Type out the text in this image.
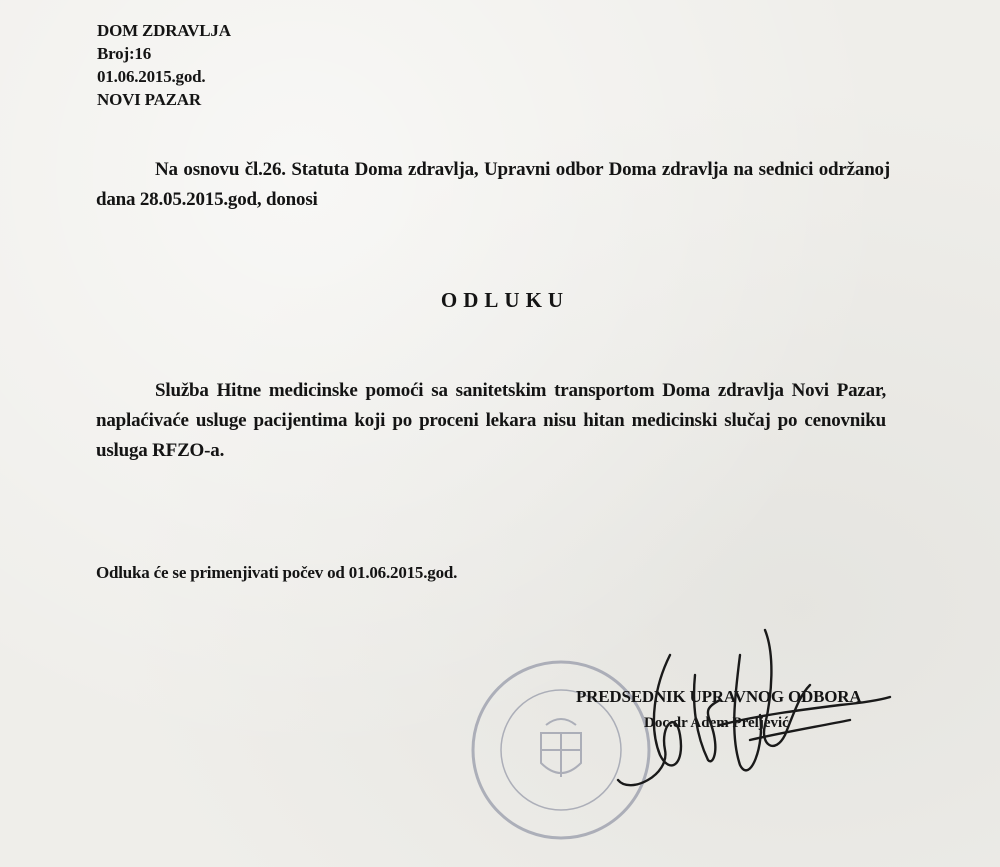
DOM ZDRAVLJA
Broj:16
01.06.2015.god.
NOVI PAZAR
Na osnovu čl.26. Statuta Doma zdravlja, Upravni odbor Doma zdravlja na sednici održanoj dana 28.05.2015.god, donosi
ODLUKU
Služba Hitne medicinske pomoći sa sanitetskim transportom Doma zdravlja Novi Pazar, naplaćivaće usluge pacijentima koji po proceni lekara nisu hitan medicinski slučaj po cenovniku usluga RFZO-a.
Odluka će se primenjivati počev od 01.06.2015.god.
PREDSEDNIK UPRAVNOG ODBORA
Doc.dr Adem Preljević
